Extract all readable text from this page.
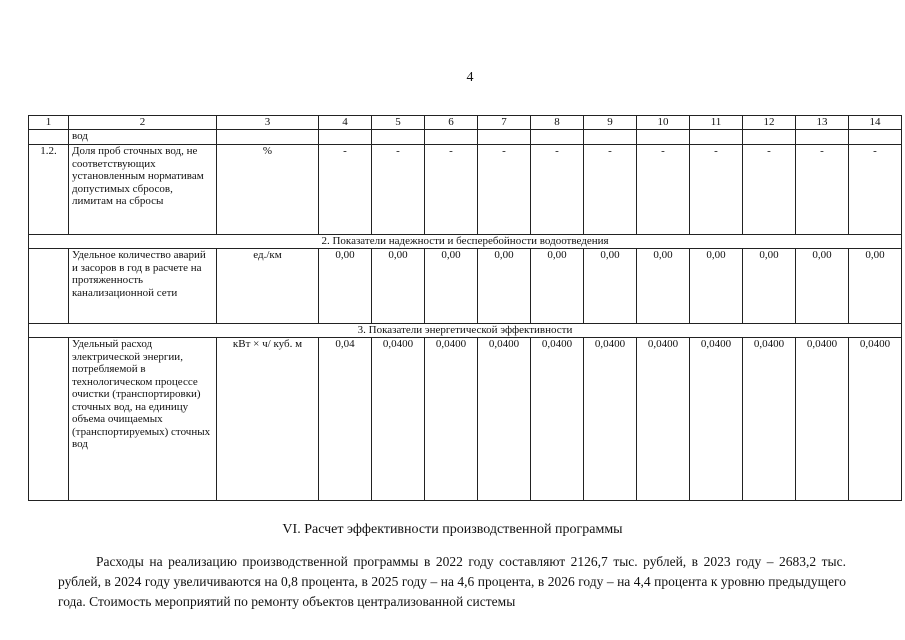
4
1	2	3	4	5	6	7	8	9	10	11	12	13	14
	вод												
1.2.	Доля проб сточных вод, не соответствующих установленным нормативам допустимых сбросов, лимитам на сбросы	%	-	-	-	-	-	-	-	-	-	-	-
2. Показатели надежности и бесперебойности водоотведения													
	Удельное количество аварий и засоров в год в расчете на протяженность канализационной сети	ед./км	0,00	0,00	0,00	0,00	0,00	0,00	0,00	0,00	0,00	0,00	0,00
3. Показатели энергетической эффективности													
	Удельный расход электрической энергии, потребляемой в технологическом процессе очистки (транспортировки) сточных вод, на единицу объема очищаемых (транспортируемых) сточных вод	кВт × ч/ куб. м	0,04	0,0400	0,0400	0,0400	0,0400	0,0400	0,0400	0,0400	0,0400	0,0400	0,0400
VI. Расчет эффективности производственной программы

Расходы на реализацию производственной программы в 2022 году составляют 2126,7 тыс. рублей, в 2023 году – 2683,2 тыс. рублей, в 2024 году увеличиваются на 0,8 процента, в 2025 году – на 4,6 процента, в 2026 году – на 4,4 процента к уровню предыдущего года. Стоимость мероприятий по ремонту объектов централизованной системы
